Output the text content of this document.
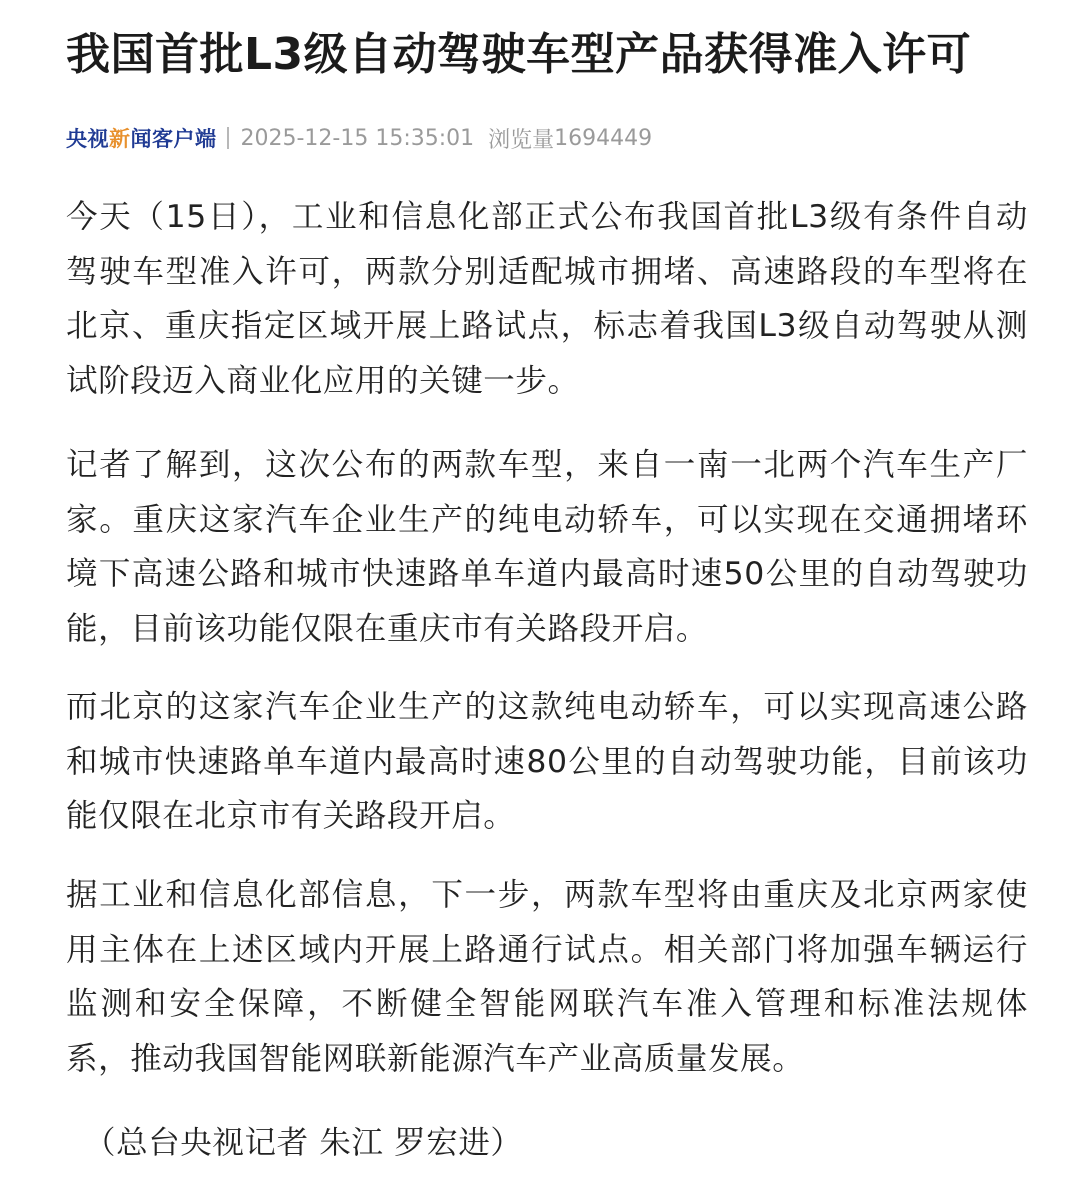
我国首批L3级自动驾驶车型产品获得准入许可
央视新闻客户端 2025-12-15 15:35:01 浏览量 1694449

今天（15日），工业和信息化部正式公布我国首批L3级有条件自动驾驶车型准入许可，两款分别适配城市拥堵、高速路段的车型将在北京、重庆指定区域开展上路试点，标志着我国L3级自动驾驶从测试阶段迈入商业化应用的关键一步。

记者了解到，这次公布的两款车型，来自一南一北两个汽车生产厂家。重庆这家汽车企业生产的纯电动轿车，可以实现在交通拥堵环境下高速公路和城市快速路单车道内最高时速50公里的自动驾驶功能，目前该功能仅限在重庆市有关路段开启。

而北京的这家汽车企业生产的这款纯电动轿车，可以实现高速公路和城市快速路单车道内最高时速80公里的自动驾驶功能，目前该功能仅限在北京市有关路段开启。

据工业和信息化部信息，下一步，两款车型将由重庆及北京两家使用主体在上述区域内开展上路通行试点。相关部门将加强车辆运行监测和安全保障，不断健全智能网联汽车准入管理和标准法规体系，推动我国智能网联新能源汽车产业高质量发展。

（总台央视记者 朱江 罗宏进）
